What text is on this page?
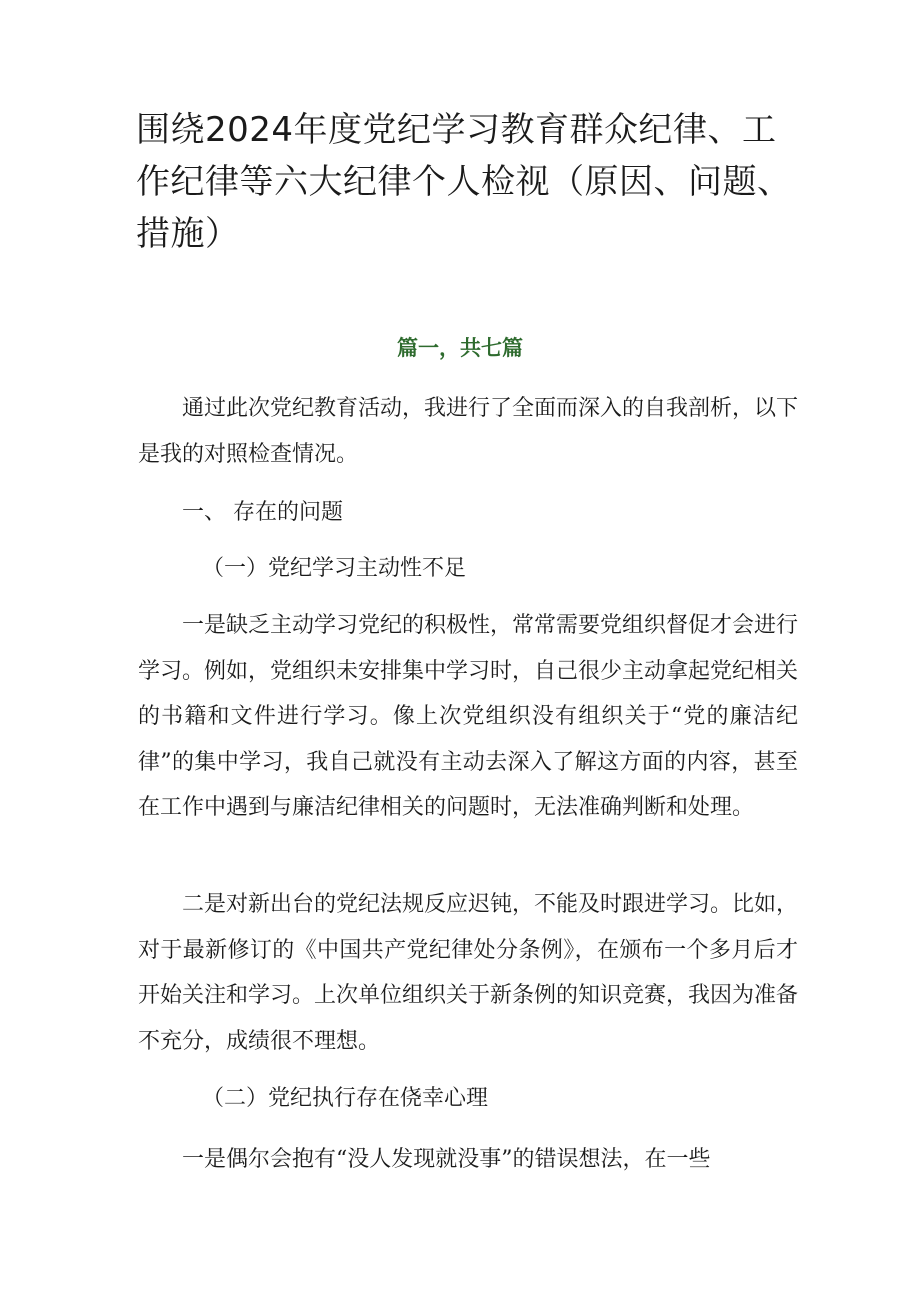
围绕2024年度党纪学习教育群众纪律、工作纪律等六大纪律个人检视（原因、问题、措施）
篇一，共七篇

通过此次党纪教育活动，我进行了全面而深入的自我剖析，以下是我的对照检查情况。

一、 存在的问题
（一）党纪学习主动性不足

一是缺乏主动学习党纪的积极性，常常需要党组织督促才会进行学习。例如，党组织未安排集中学习时，自己很少主动拿起党纪相关的书籍和文件进行学习。像上次党组织没有组织关于“党的廉洁纪律”的集中学习，我自己就没有主动去深入了解这方面的内容，甚至在工作中遇到与廉洁纪律相关的问题时，无法准确判断和处理。

二是对新出台的党纪法规反应迟钝，不能及时跟进学习。比如，对于最新修订的《中国共产党纪律处分条例》，在颁布一个多月后才开始关注和学习。上次单位组织关于新条例的知识竞赛，我因为准备不充分，成绩很不理想。

（二）党纪执行存在侥幸心理

一是偶尔会抱有“没人发现就没事”的错误想法，在一些
